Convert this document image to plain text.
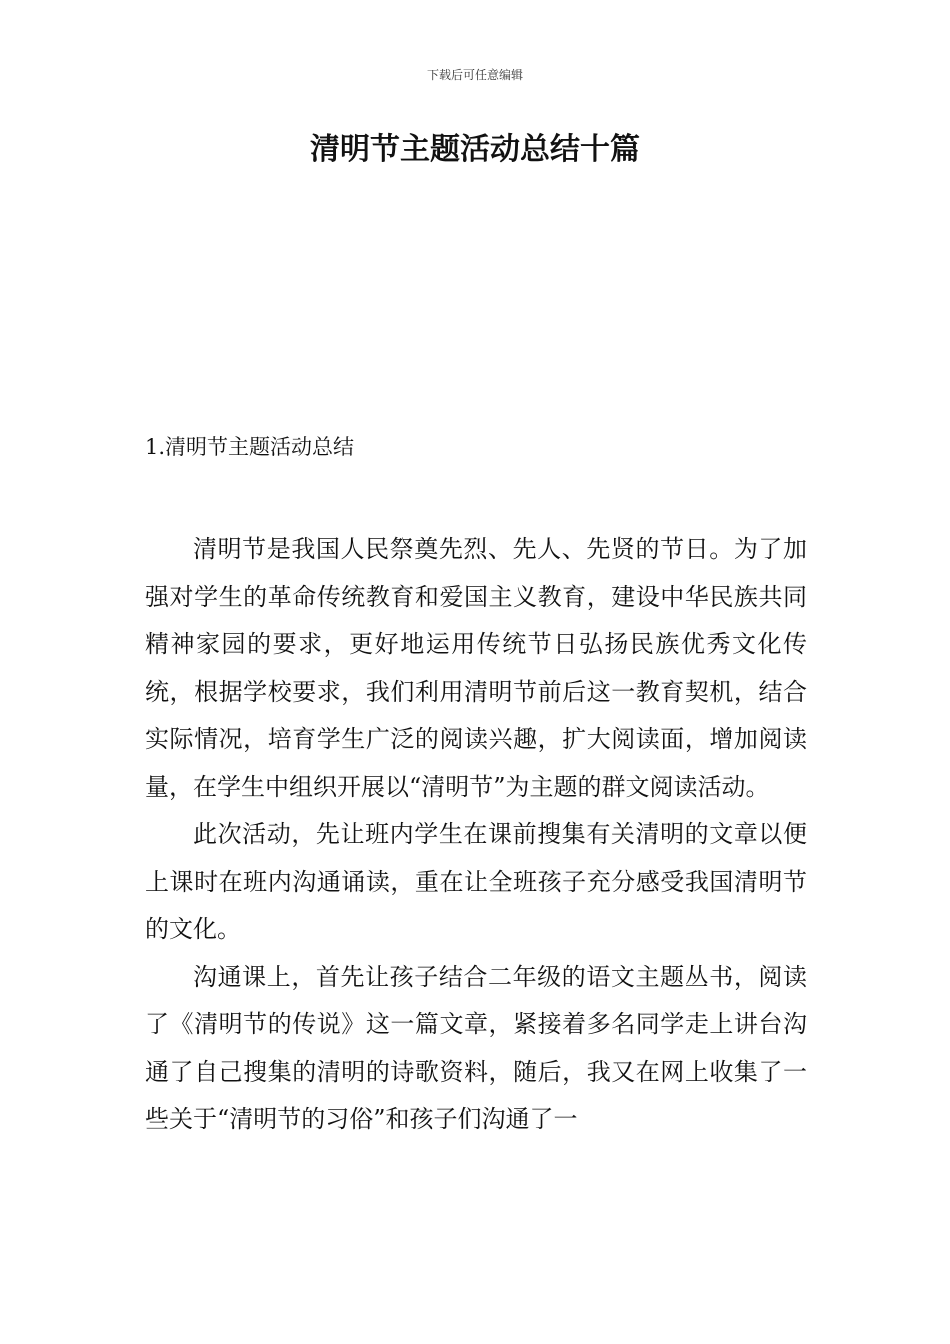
下载后可任意编辑
清明节主题活动总结十篇
1.清明节主题活动总结

清明节是我国人民祭奠先烈、先人、先贤的节日。为了加强对学生的革命传统教育和爱国主义教育，建设中华民族共同精神家园的要求，更好地运用传统节日弘扬民族优秀文化传统，根据学校要求，我们利用清明节前后这一教育契机，结合实际情况，培育学生广泛的阅读兴趣，扩大阅读面，增加阅读量，在学生中组织开展以“清明节”为主题的群文阅读活动。

此次活动，先让班内学生在课前搜集有关清明的文章以便上课时在班内沟通诵读，重在让全班孩子充分感受我国清明节的文化。

沟通课上，首先让孩子结合二年级的语文主题丛书，阅读了《清明节的传说》这一篇文章，紧接着多名同学走上讲台沟通了自己搜集的清明的诗歌资料，随后，我又在网上收集了一些关于“清明节的习俗”和孩子们沟通了一
